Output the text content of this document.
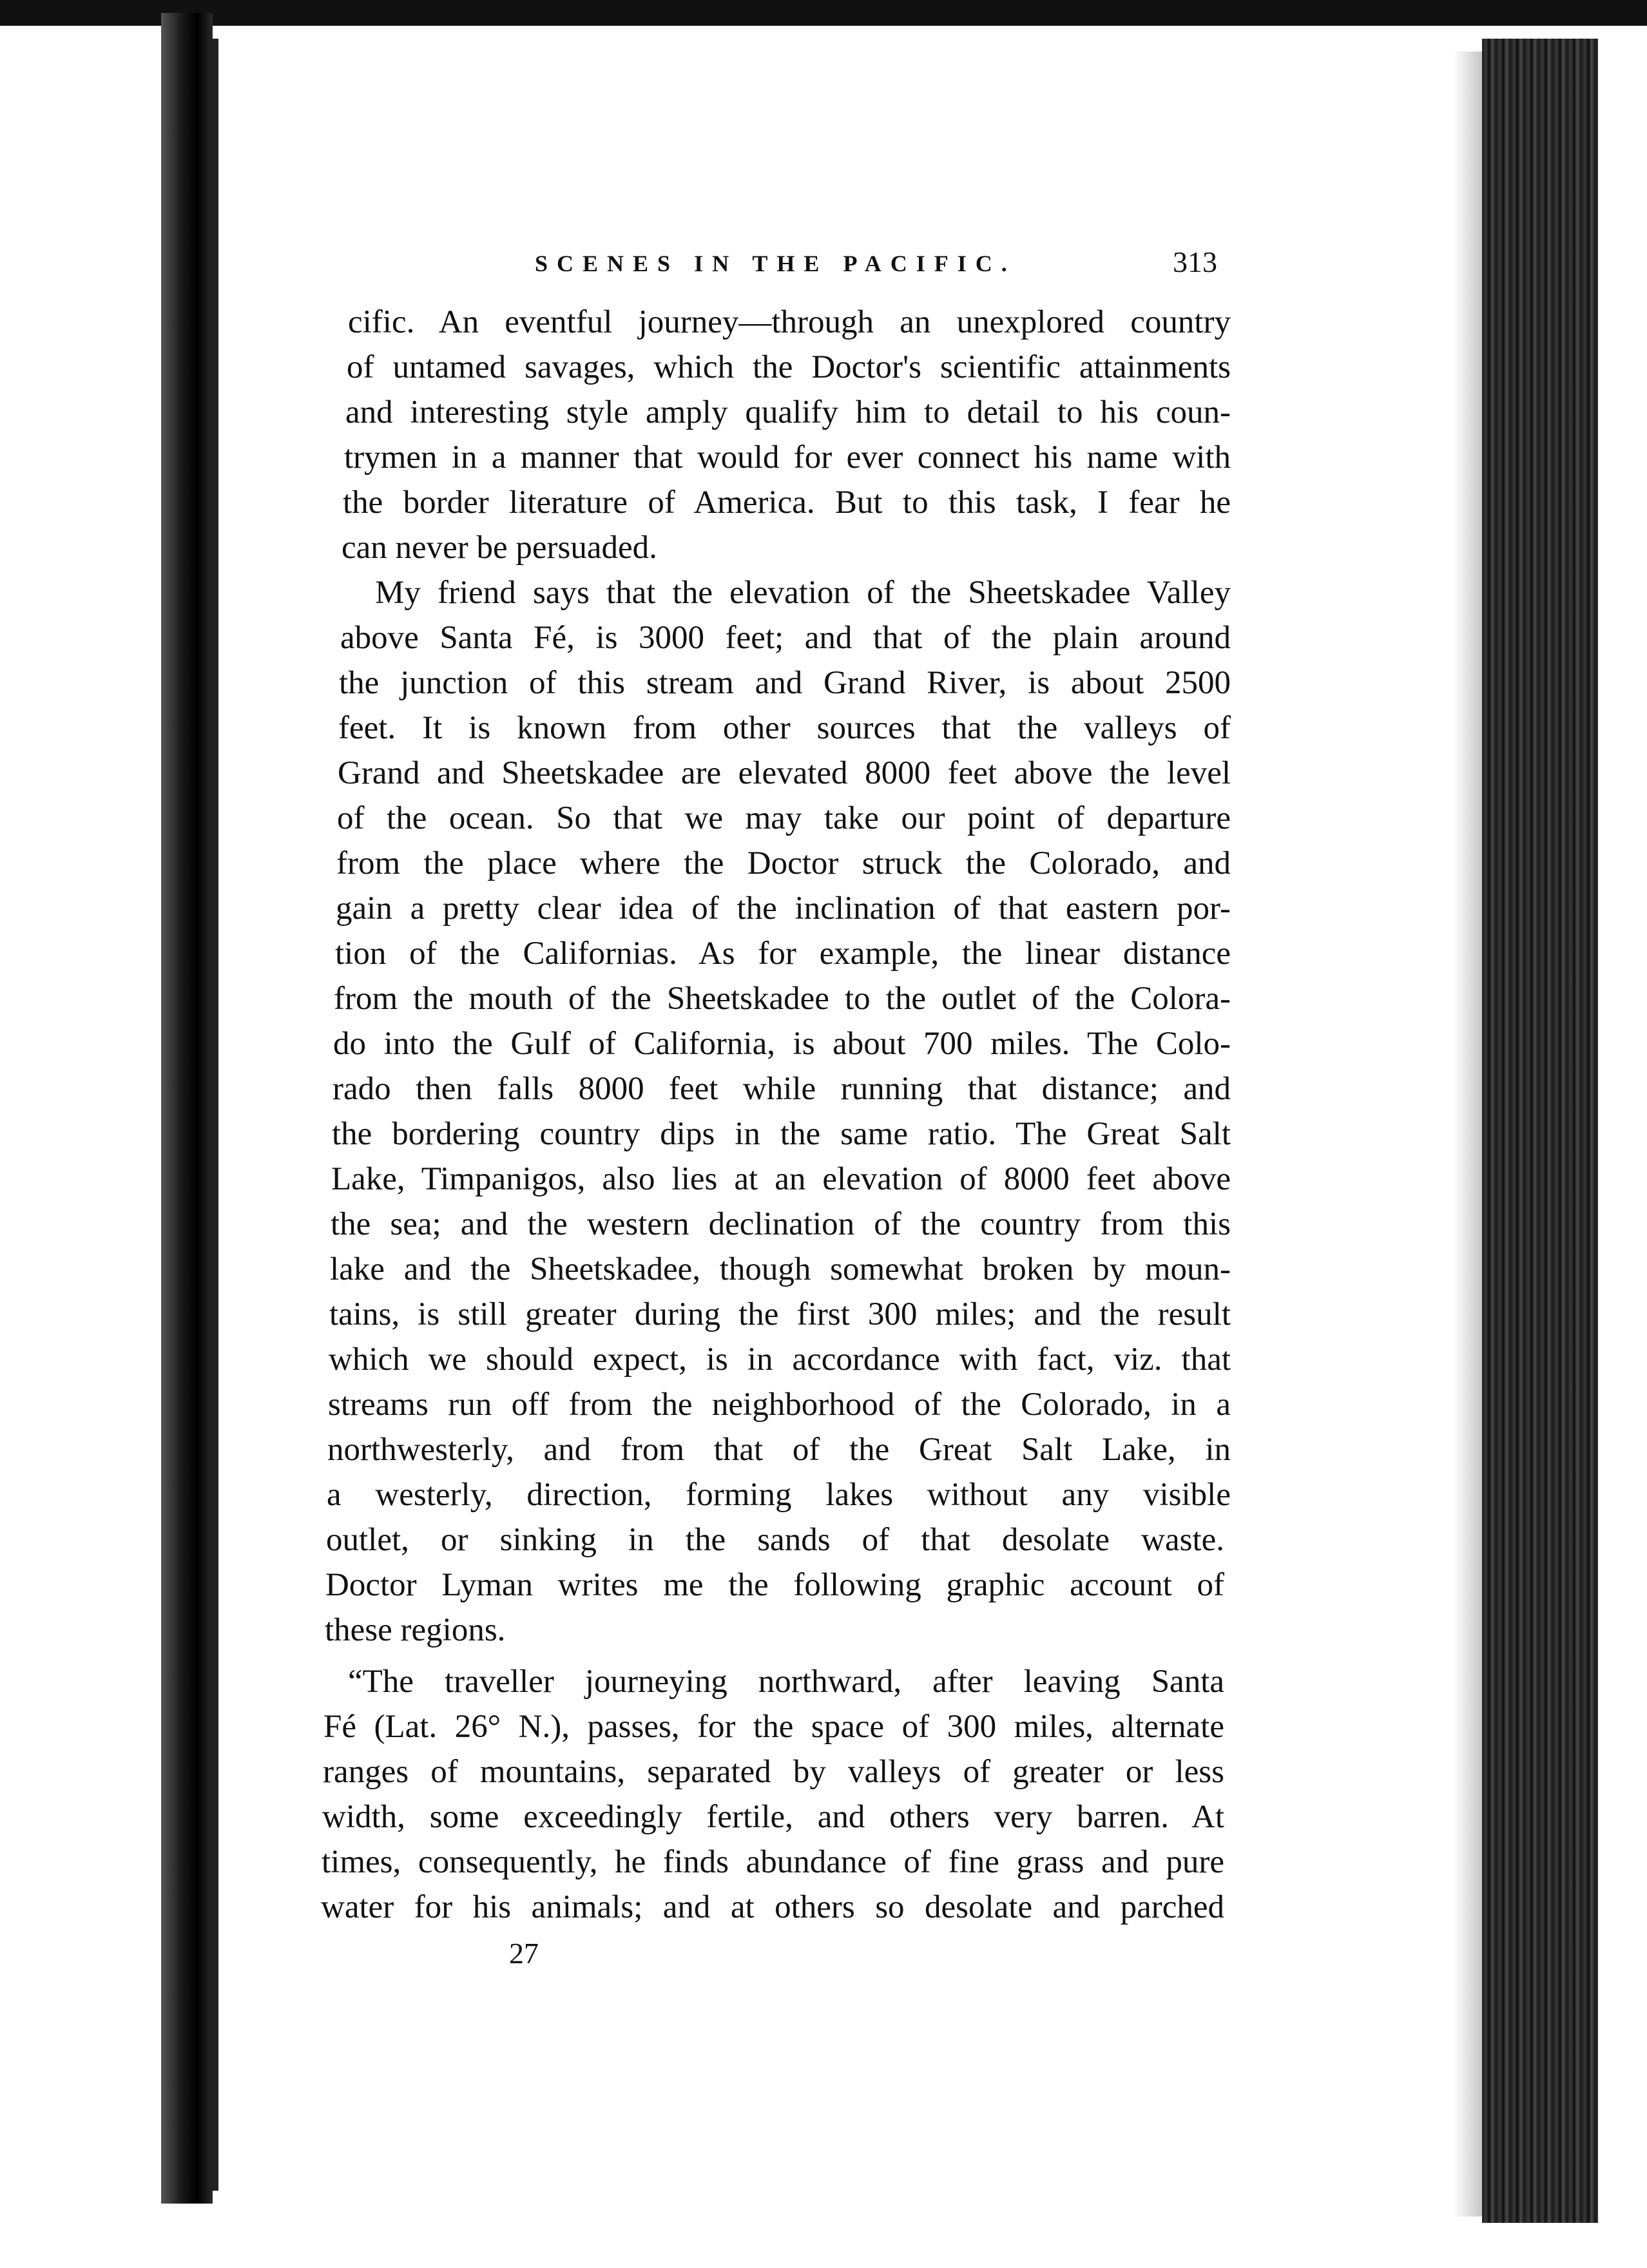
SCENES IN THE PACIFIC.	313
cific. An eventful journey—through an unexplored country
of untamed savages, which the Doctor's scientific attainments
and interesting style amply qualify him to detail to his coun-
trymen in a manner that would for ever connect his name with
the border literature of America. But to this task, I fear he
can never be persuaded.
My friend says that the elevation of the Sheetskadee Valley
above Santa Fé, is 3000 feet; and that of the plain around
the junction of this stream and Grand River, is about 2500
feet. It is known from other sources that the valleys of
Grand and Sheetskadee are elevated 8000 feet above the level
of the ocean. So that we may take our point of departure
from the place where the Doctor struck the Colorado, and
gain a pretty clear idea of the inclination of that eastern por-
tion of the Californias. As for example, the linear distance
from the mouth of the Sheetskadee to the outlet of the Colora-
do into the Gulf of California, is about 700 miles. The Colo-
rado then falls 8000 feet while running that distance; and
the bordering country dips in the same ratio. The Great Salt
Lake, Timpanigos, also lies at an elevation of 8000 feet above
the sea; and the western declination of the country from this
lake and the Sheetskadee, though somewhat broken by moun-
tains, is still greater during the first 300 miles; and the result
which we should expect, is in accordance with fact, viz. that
streams run off from the neighborhood of the Colorado, in a
northwesterly, and from that of the Great Salt Lake, in
a westerly, direction, forming lakes without any visible
outlet, or sinking in the sands of that desolate waste.
Doctor Lyman writes me the following graphic account of
these regions.
“The traveller journeying northward, after leaving Santa
Fé (Lat. 26° N.), passes, for the space of 300 miles, alternate
ranges of mountains, separated by valleys of greater or less
width, some exceedingly fertile, and others very barren. At
times, consequently, he finds abundance of fine grass and pure
water for his animals; and at others so desolate and parched
27
